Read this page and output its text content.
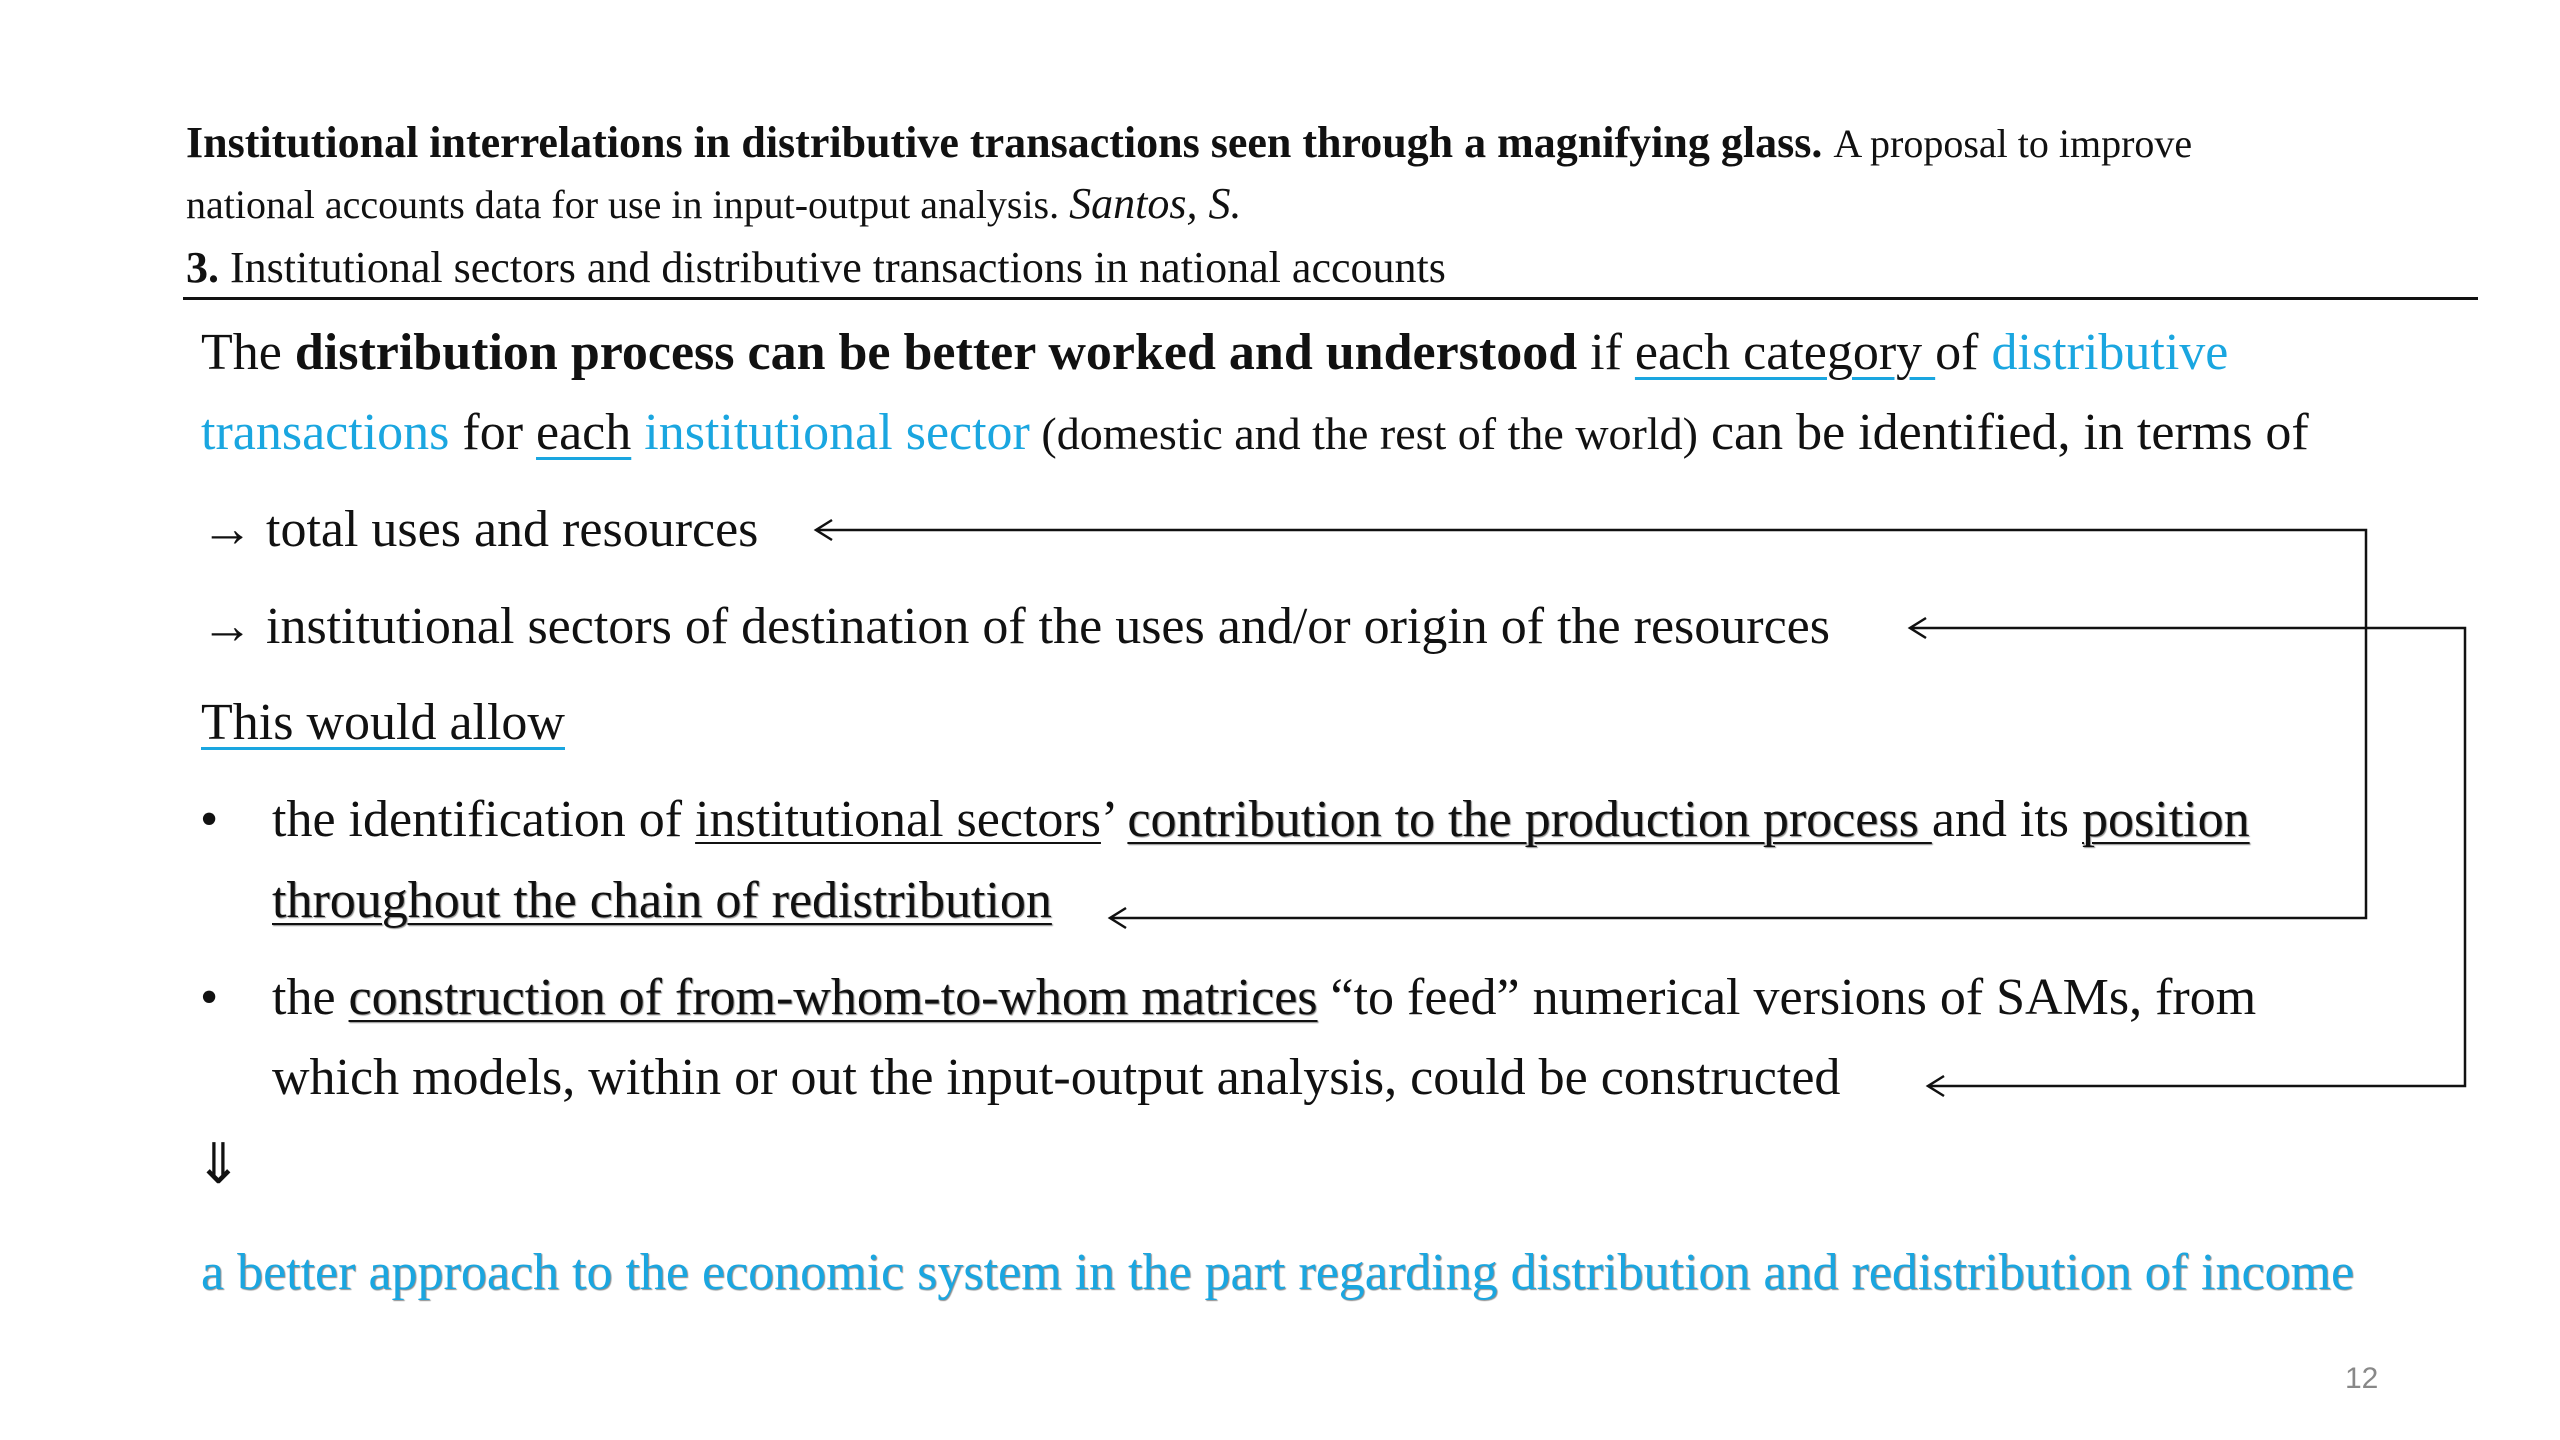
Institutional interrelations in distributive transactions seen through a magnifying glass. A proposal to improve
national accounts data for use in input-output analysis. Santos, S.
3. Institutional sectors and distributive transactions in national accounts
The distribution process can be better worked and understood if each category of distributive
transactions for each institutional sector (domestic and the rest of the world) can be identified, in terms of
→ total uses and resources
→ institutional sectors of destination of the uses and/or origin of the resources
This would allow
• the identification of institutional sectors’ contribution to the production process and its position
throughout the chain of redistribution
• the construction of from-whom-to-whom matrices “to feed” numerical versions of SAMs, from
which models, within or out the input-output analysis, could be constructed
⇓
a better approach to the economic system in the part regarding distribution and redistribution of income
12
